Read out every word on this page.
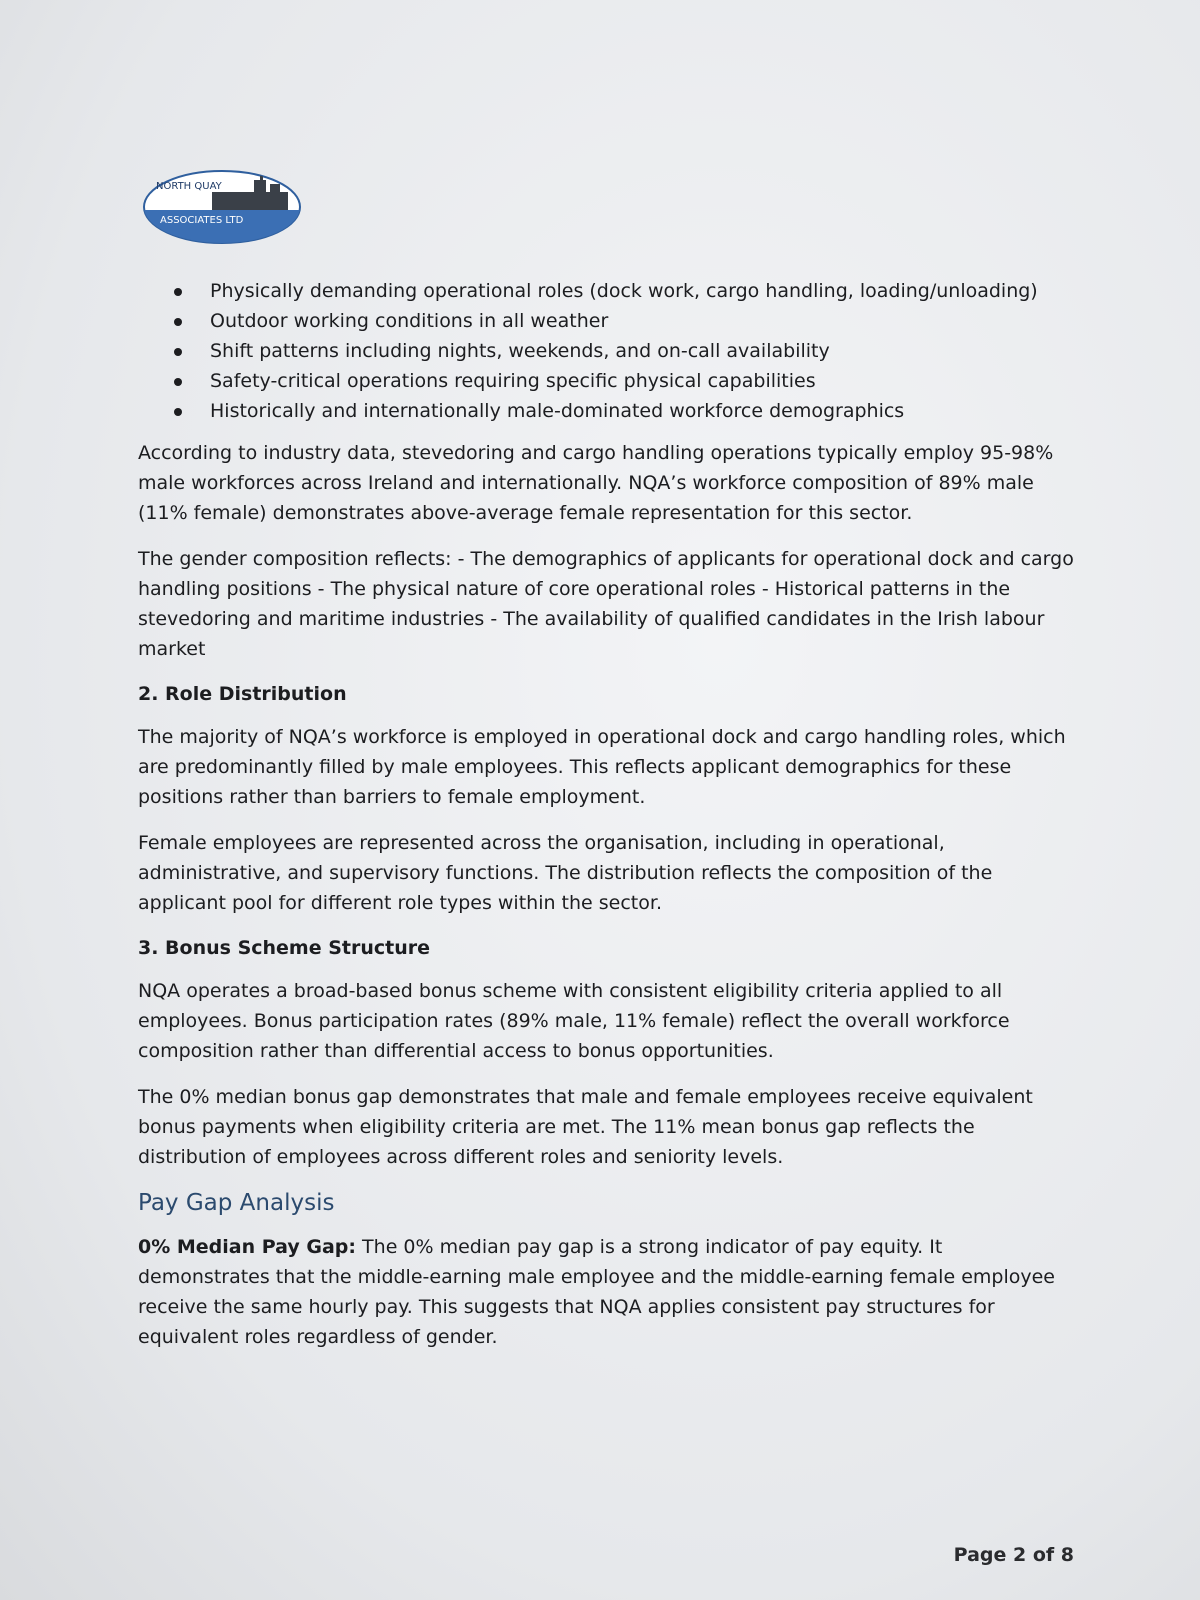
NORTH QUAY
ASSOCIATES LTD
Physically demanding operational roles (dock work, cargo handling, loading/unloading)
Outdoor working conditions in all weather
Shift patterns including nights, weekends, and on-call availability
Safety-critical operations requiring specific physical capabilities
Historically and internationally male-dominated workforce demographics

According to industry data, stevedoring and cargo handling operations typically employ 95-98% male workforces across Ireland and internationally. NQA’s workforce composition of 89% male (11% female) demonstrates above-average female representation for this sector.

The gender composition reflects: - The demographics of applicants for operational dock and cargo handling positions - The physical nature of core operational roles - Historical patterns in the stevedoring and maritime industries - The availability of qualified candidates in the Irish labour market

2. Role Distribution

The majority of NQA’s workforce is employed in operational dock and cargo handling roles, which are predominantly filled by male employees. This reflects applicant demographics for these positions rather than barriers to female employment.

Female employees are represented across the organisation, including in operational, administrative, and supervisory functions. The distribution reflects the composition of the applicant pool for different role types within the sector.

3. Bonus Scheme Structure

NQA operates a broad-based bonus scheme with consistent eligibility criteria applied to all employees. Bonus participation rates (89% male, 11% female) reflect the overall workforce composition rather than differential access to bonus opportunities.

The 0% median bonus gap demonstrates that male and female employees receive equivalent bonus payments when eligibility criteria are met. The 11% mean bonus gap reflects the distribution of employees across different roles and seniority levels.

Pay Gap Analysis

0% Median Pay Gap: The 0% median pay gap is a strong indicator of pay equity. It demonstrates that the middle-earning male employee and the middle-earning female employee receive the same hourly pay. This suggests that NQA applies consistent pay structures for equivalent roles regardless of gender.

Page 2 of 8
